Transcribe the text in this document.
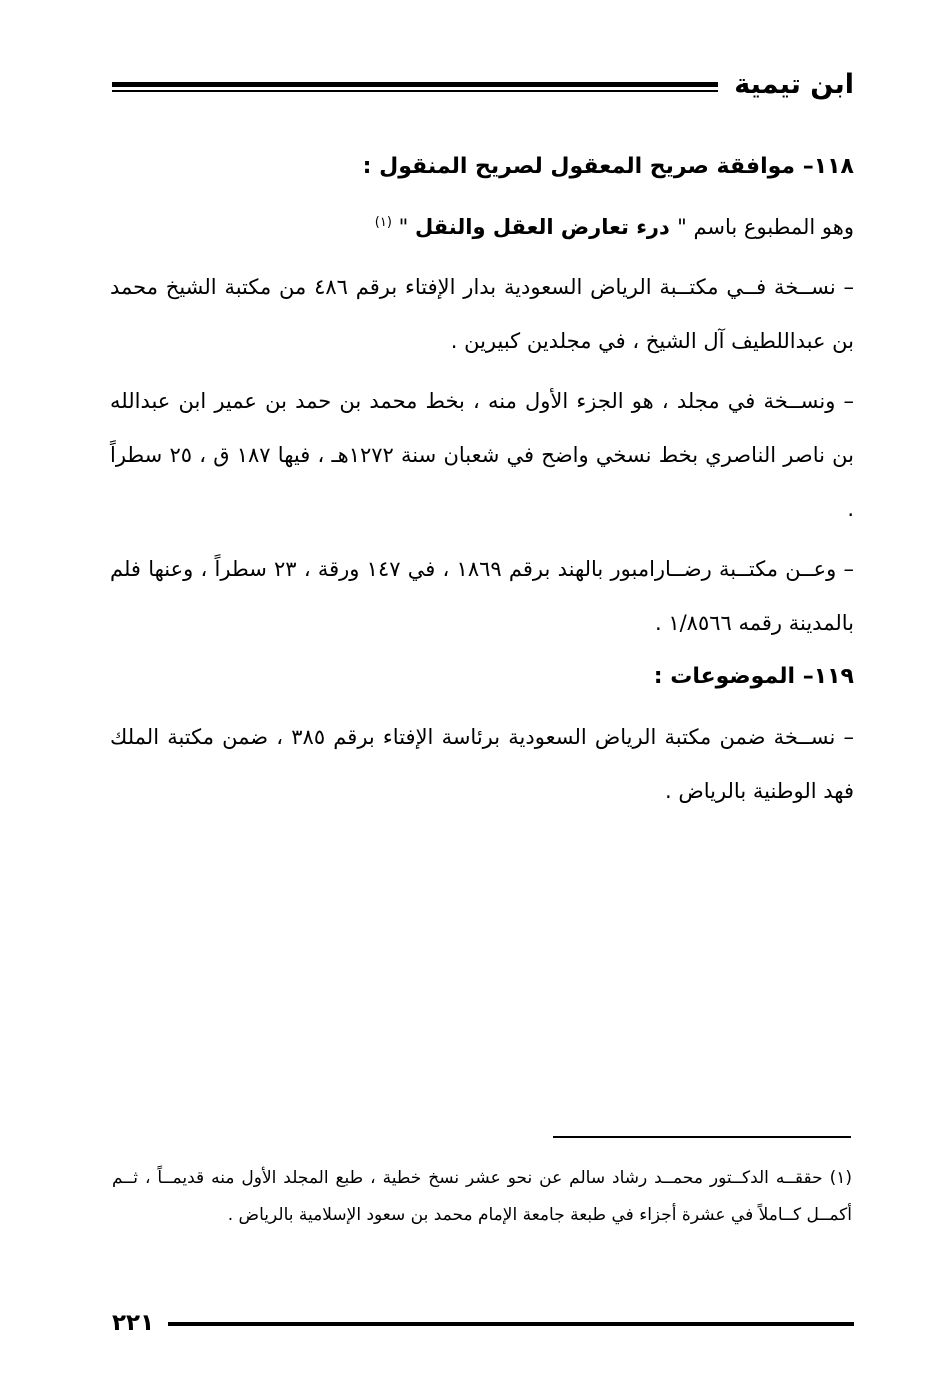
ابن تيمية

١١٨– موافقة صريح المعقول لصريح المنقول :

وهو المطبوع باسم " درء تعارض العقل والنقل " $^{(١)}$

– نســخة فــي مكتــبة الرياض السعودية بدار الإفتاء برقم ٤٨٦ من مكتبة الشيخ محمد بن عبداللطيف آل الشيخ ، في مجلدين كبيرين .

– ونســخة في مجلد ، هو الجزء الأول منه ، بخط محمد بن حمد بن عمير ابن عبدالله بن ناصر الناصري بخط نسخي واضح في شعبان سنة ١٢٧٢هـ ، فيها ١٨٧ ق ، ٢٥ سطراً .

– وعــن مكتــبة رضــارامبور بالهند برقم ١٨٦٩ ، في ١٤٧ ورقة ، ٢٣ سطراً ، وعنها فلم بالمدينة رقمه ١/٨٥٦٦ .

١١٩– الموضوعات :

– نســخة ضمن مكتبة الرياض السعودية برئاسة الإفتاء برقم ٣٨٥ ، ضمن مكتبة الملك فهد الوطنية بالرياض .

(١) حققــه الدكــتور محمــد رشاد سالم عن نحو عشر نسخ خطية ، طبع المجلد الأول منه قديمــاً ، ثــم أكمــل كــاملاً في عشرة أجزاء في طبعة جامعة الإمام محمد بن سعود الإسلامية بالرياض .

٢٢١
